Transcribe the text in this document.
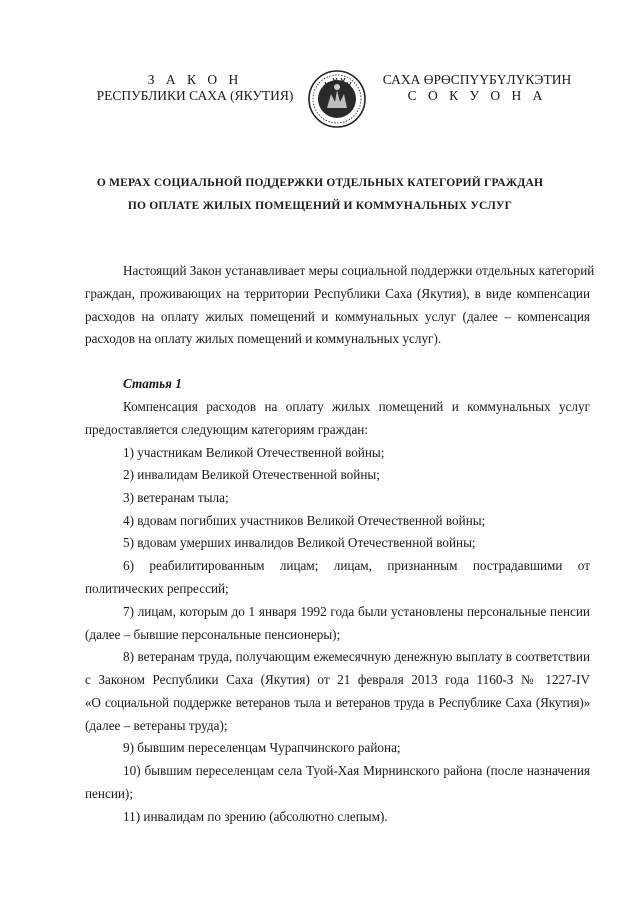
З А К О Н
РЕСПУБЛИКИ САХА (ЯКУТИЯ)
САХА ӨРӨСПҮҮБҮЛҮКЭТИН
С О К У О Н А
О МЕРАХ СОЦИАЛЬНОЙ ПОДДЕРЖКИ ОТДЕЛЬНЫХ КАТЕГОРИЙ ГРАЖДАН
ПО ОПЛАТЕ ЖИЛЫХ ПОМЕЩЕНИЙ И КОММУНАЛЬНЫХ УСЛУГ
Настоящий Закон устанавливает меры социальной поддержки отдельных категорий
граждан, проживающих на территории Республики Саха (Якутия), в виде компенсации
расходов на оплату жилых помещений и коммунальных услуг (далее – компенсация
расходов на оплату жилых помещений и коммунальных услуг).
Статья 1
Компенсация расходов на оплату жилых помещений и коммунальных услуг
предоставляется следующим категориям граждан:
1) участникам Великой Отечественной войны;
2) инвалидам Великой Отечественной войны;
3) ветеранам тыла;
4) вдовам погибших участников Великой Отечественной войны;
5) вдовам умерших инвалидов Великой Отечественной войны;
6) реабилитированным лицам; лицам, признанным пострадавшими от
политических репрессий;
7) лицам, которым до 1 января 1992 года были установлены персональные пенсии
(далее – бывшие персональные пенсионеры);
8) ветеранам труда, получающим ежемесячную денежную выплату в соответствии
с Законом Республики Саха (Якутия) от 21 февраля 2013 года 1160-З № 1227-IV
«О социальной поддержке ветеранов тыла и ветеранов труда в Республике Саха (Якутия)»
(далее – ветераны труда);
9) бывшим переселенцам Чурапчинского района;
10) бывшим переселенцам села Туой-Хая Мирнинского района (после назначения
пенсии);
11) инвалидам по зрению (абсолютно слепым).
